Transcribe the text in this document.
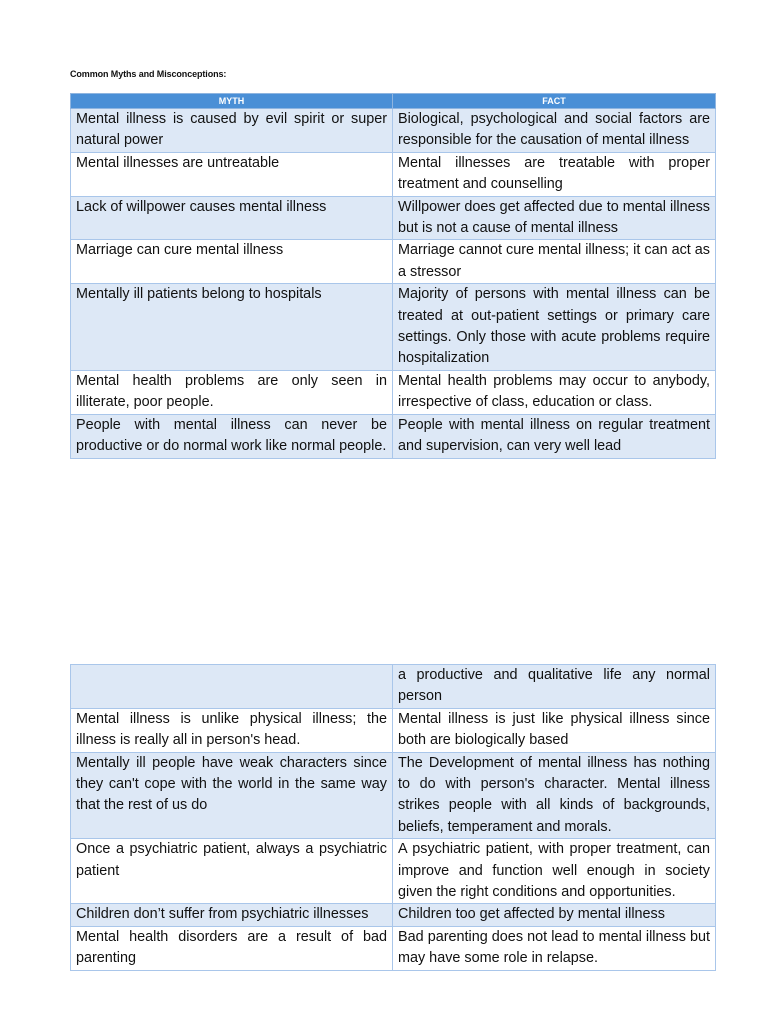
Common Myths and Misconceptions:
MYTH	FACT
Mental illness is caused by evil spirit or super natural power	Biological, psychological and social factors are responsible for the causation of mental illness
Mental illnesses are untreatable	Mental illnesses are treatable with proper treatment and counselling
Lack of willpower causes mental illness	Willpower does get affected due to mental illness but is not a cause of mental illness
Marriage can cure mental illness	Marriage cannot cure mental illness; it can act as a stressor
Mentally ill patients belong to hospitals	Majority of persons with mental illness can be treated at out-patient settings or primary care settings. Only those with acute problems require hospitalization
Mental health problems are only seen in illiterate, poor people.	Mental health problems may occur to anybody, irrespective of class, education or class.
People with mental illness can never be productive or do normal work like normal people.	People with mental illness on regular treatment and supervision, can very well lead
	a productive and qualitative life any normal person
Mental illness is unlike physical illness; the illness is really all in person's head.	Mental illness is just like physical illness since both are biologically based
Mentally ill people have weak characters since they can't cope with the world in the same way that the rest of us do	The Development of mental illness has nothing to do with person's character. Mental illness strikes people with all kinds of backgrounds, beliefs, temperament and morals.
Once a psychiatric patient, always a psychiatric patient	A psychiatric patient, with proper treatment, can improve and function well enough in society given the right conditions and opportunities.
Children don’t suffer from psychiatric illnesses	Children too get affected by mental illness
Mental health disorders are a result of bad parenting	Bad parenting does not lead to mental illness but may have some role in relapse.
